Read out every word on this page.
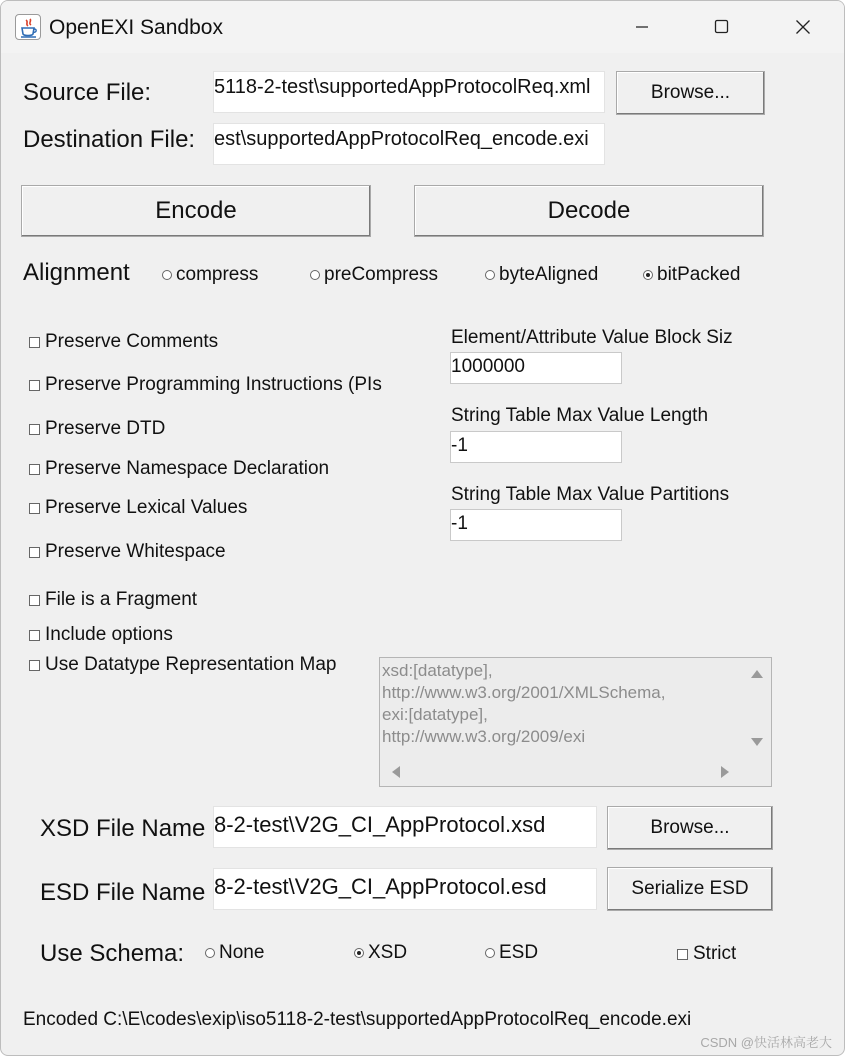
OpenEXI Sandbox
Source File:	5118-2-test\supportedAppProtocolReq.xml	Browse...
Destination File: est\supportedAppProtocolReq_encode.exi
Encode	Decode
Alignment compress	preCompress	byteAligned	bitPacked
Preserve Comments
Preserve Programming Instructions (PIs
Preserve DTD
Preserve Namespace Declaration
Preserve Lexical Values
Preserve Whitespace
File is a Fragment
Include options
Use Datatype Representation Map
Element/Attribute Value Block Siz
1000000
String Table Max Value Length
-1
String Table Max Value Partitions
-1
xsd:[datatype],
http://www.w3.org/2001/XMLSchema,
exi:[datatype],
http://www.w3.org/2009/exi
XSD File Name 8-2-test\V2G_CI_AppProtocol.xsd	Browse...
ESD File Name 8-2-test\V2G_CI_AppProtocol.esd	Serialize ESD
Use Schema: None	XSD	ESD	Strict
Encoded C:\E\codes\exip\iso5118-2-test\supportedAppProtocolReq_encode.exi
CSDN @快活林高老大
